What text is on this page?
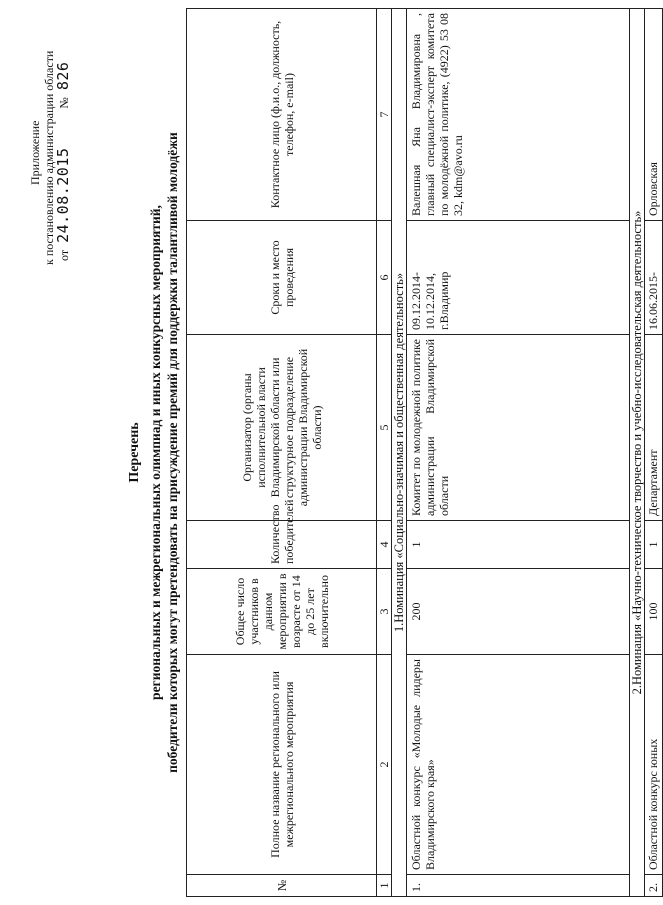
Приложение к постановлению администрации области от 24.08.2015 № 826
Перечень региональных и межрегиональных олимпиад и иных конкурсных мероприятий, победители которых могут претендовать на присуждение премий для поддержки талантливой молодёжи
№	Полное название регионального или межрегионального мероприятия	Общее число участников в данном мероприятии в возрасте от 14 до 25 лет включительно	Количество победителей	Организатор (органы исполнительной власти Владимирской области или структурное подразделение администрации Владимирской области)	Сроки и место проведения	Контактное лицо (ф.и.о., должность, телефон, e-mail)
1	2	3	4	5	6	7
1.Номинация «Социально-значимая и общественная деятельность»						
1.	Областной конкурс «Молодые лидеры Владимирского края»	200	1	Комитет по молодежной политике администрации Владимирской области	09.12.2014-10.12.2014, г.Владимир	Валешная Яна Владимировна , главный специалист-эксперт комитета по молодёжной политике, (4922) 53 08 32, kdm@avo.ru
2.Номинация «Научно-техническое творчество и учебно-исследовательская деятельность»						
2.	Областной конкурс юных	100	1	Департамент	16.06.2015-	Орловская
